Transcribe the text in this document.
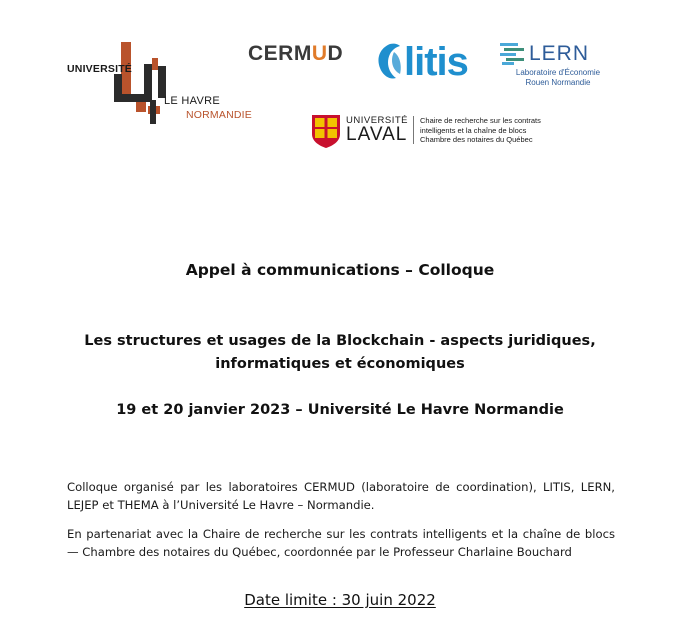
UNIVERSITÉ
LE HAVRE
NORMANDIE
CERMUD litis	LERN
Laboratoire d'Économie
Rouen Normandie
UNIVERSITÉ
LAVAL
Chaire de recherche sur les contrats
intelligents et la chaîne de blocs
Chambre des notaires du Québec
Appel à communications – Colloque
Les structures et usages de la Blockchain - aspects juridiques,
informatiques et économiques
19 et 20 janvier 2023 – Université Le Havre Normandie
Colloque organisé par les laboratoires CERMUD (laboratoire de coordination), LITIS, LERN, LEJEP et THEMA à l’Université Le Havre – Normandie.
En partenariat avec la Chaire de recherche sur les contrats intelligents et la chaîne de blocs — Chambre des notaires du Québec, coordonnée par le Professeur Charlaine Bouchard
Date limite : 30 juin 2022
